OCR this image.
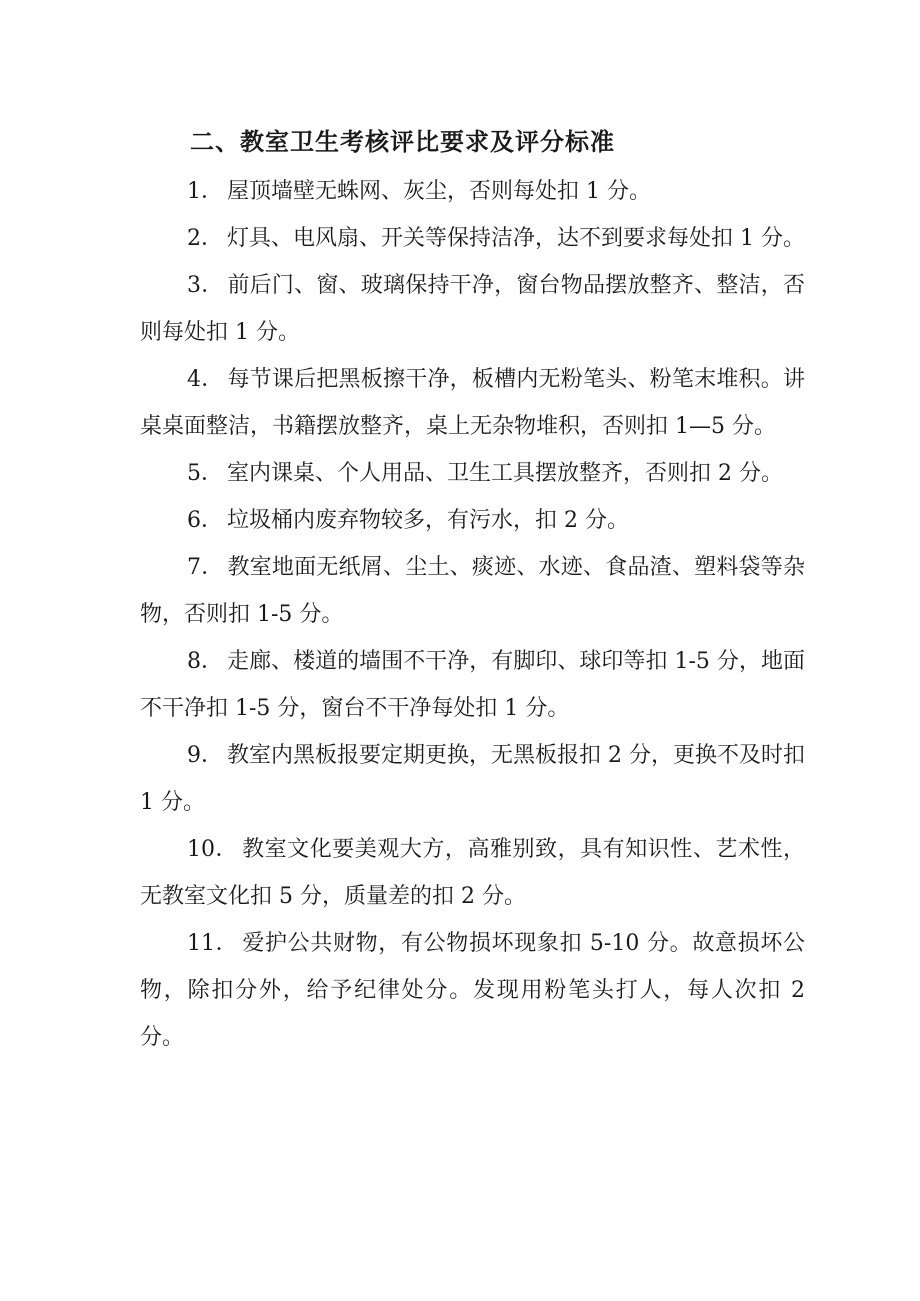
二、教室卫生考核评比要求及评分标准

1． 屋顶墙壁无蛛网、灰尘，否则每处扣 1 分。

2． 灯具、电风扇、开关等保持洁净，达不到要求每处扣 1 分。

3． 前后门、窗、玻璃保持干净，窗台物品摆放整齐、整洁，否则每处扣 1 分。

4． 每节课后把黑板擦干净，板槽内无粉笔头、粉笔末堆积。讲桌桌面整洁，书籍摆放整齐，桌上无杂物堆积，否则扣 1—5 分。

5． 室内课桌、个人用品、卫生工具摆放整齐，否则扣 2 分。

6． 垃圾桶内废弃物较多，有污水，扣 2 分。

7． 教室地面无纸屑、尘土、痰迹、水迹、食品渣、塑料袋等杂物，否则扣 1-5 分。

8． 走廊、楼道的墙围不干净，有脚印、球印等扣 1-5 分，地面不干净扣 1-5 分，窗台不干净每处扣 1 分。

9． 教室内黑板报要定期更换，无黑板报扣 2 分，更换不及时扣 1 分。

10． 教室文化要美观大方，高雅别致，具有知识性、艺术性，无教室文化扣 5 分，质量差的扣 2 分。

11． 爱护公共财物，有公物损坏现象扣 5-10 分。故意损坏公物，除扣分外，给予纪律处分。发现用粉笔头打人，每人次扣 2 分。
